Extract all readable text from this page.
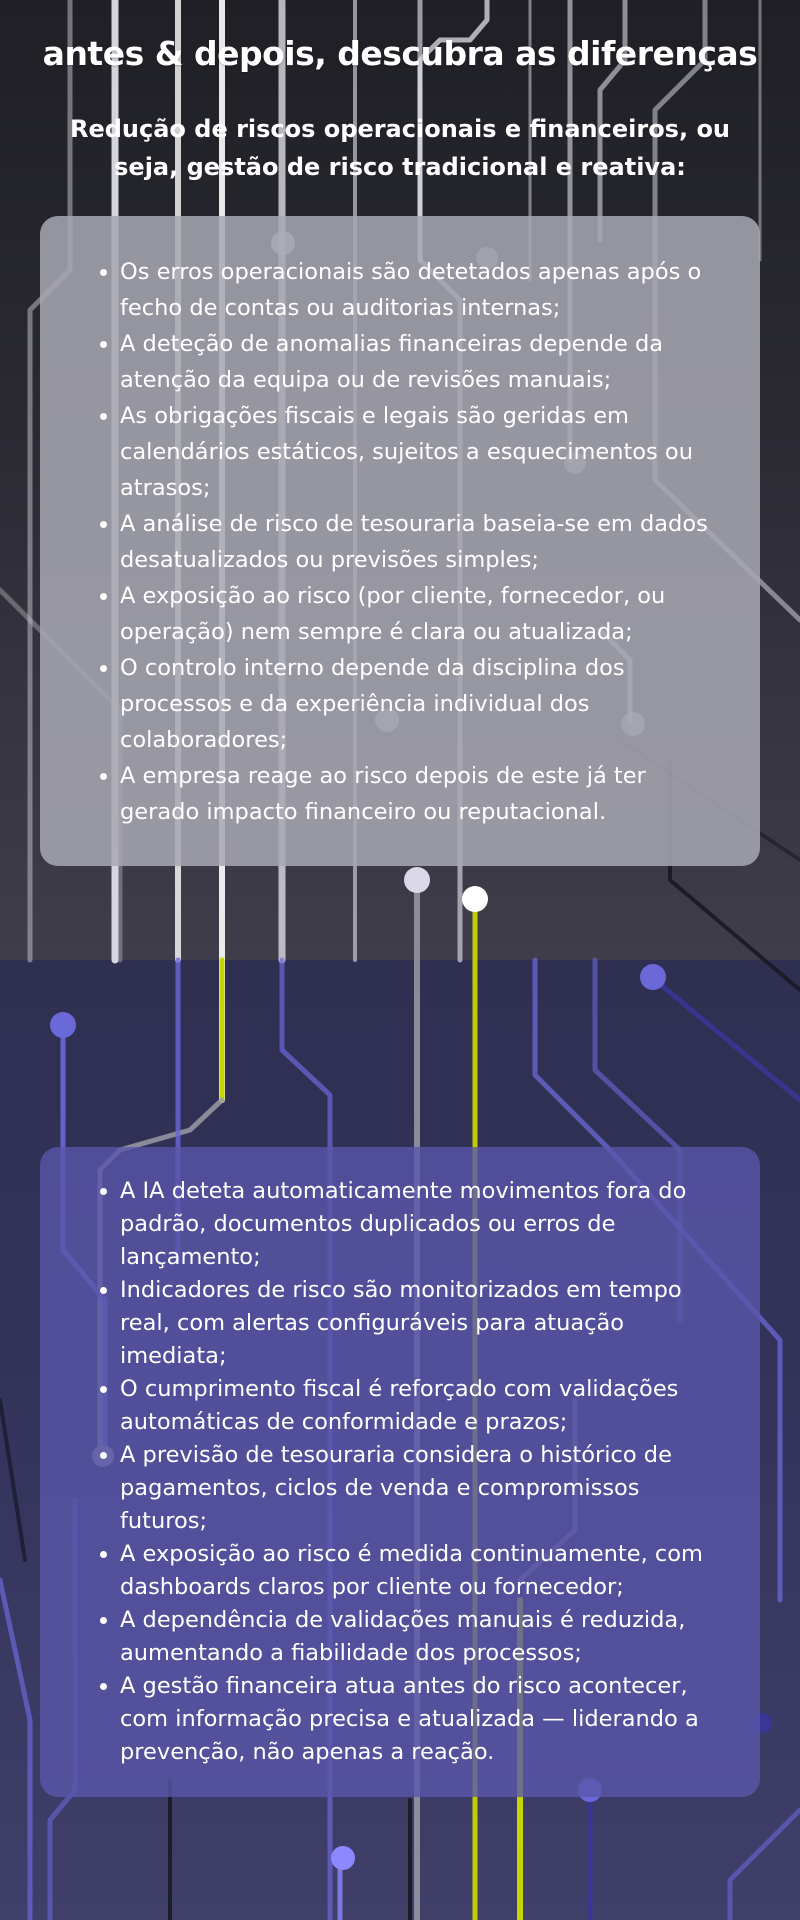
antes & depois, descubra as diferenças
Redução de riscos operacionais e financeiros, ou seja, gestão de risco tradicional e reativa:
• Os erros operacionais são detetados apenas após o fecho de contas ou auditorias internas;
• A deteção de anomalias financeiras depende da atenção da equipa ou de revisões manuais;
• As obrigações fiscais e legais são geridas em calendários estáticos, sujeitos a esquecimentos ou atrasos;
• A análise de risco de tesouraria baseia-se em dados desatualizados ou previsões simples;
• A exposição ao risco (por cliente, fornecedor, ou operação) nem sempre é clara ou atualizada;
• O controlo interno depende da disciplina dos processos e da experiência individual dos colaboradores;
• A empresa reage ao risco depois de este já ter gerado impacto financeiro ou reputacional.
• A IA deteta automaticamente movimentos fora do padrão, documentos duplicados ou erros de lançamento;
• Indicadores de risco são monitorizados em tempo real, com alertas configuráveis para atuação imediata;
• O cumprimento fiscal é reforçado com validações automáticas de conformidade e prazos;
• A previsão de tesouraria considera o histórico de pagamentos, ciclos de venda e compromissos futuros;
• A exposição ao risco é medida continuamente, com dashboards claros por cliente ou fornecedor;
• A dependência de validações manuais é reduzida, aumentando a fiabilidade dos processos;
• A gestão financeira atua antes do risco acontecer, com informação precisa e atualizada — liderando a prevenção, não apenas a reação.
